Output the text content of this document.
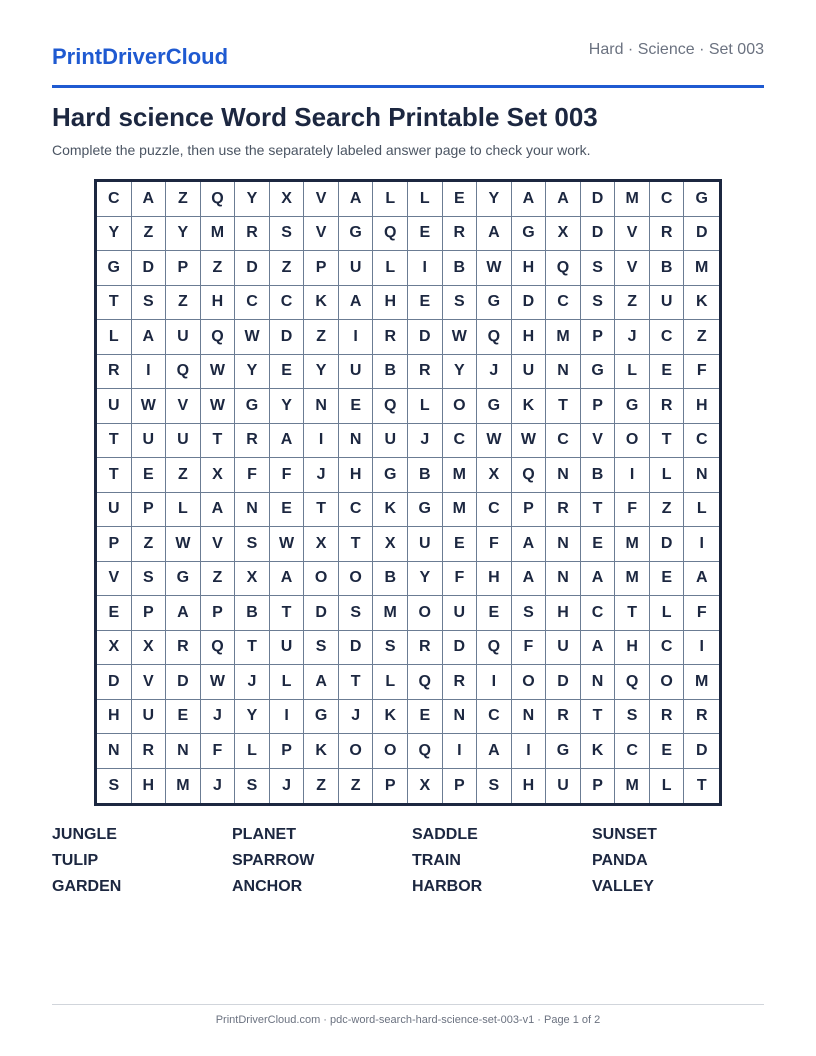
PrintDriverCloud	Hard · Science · Set 003
Hard science Word Search Printable Set 003

Complete the puzzle, then use the separately labeled answer page to check your work.

C	A	Z	Q	Y	X	V	A	L	L	E	Y	A	A	D	M	C	G
Y	Z	Y	M	R	S	V	G	Q	E	R	A	G	X	D	V	R	D
G	D	P	Z	D	Z	P	U	L	I	B	W	H	Q	S	V	B	M
T	S	Z	H	C	C	K	A	H	E	S	G	D	C	S	Z	U	K
L	A	U	Q	W	D	Z	I	R	D	W	Q	H	M	P	J	C	Z
R	I	Q	W	Y	E	Y	U	B	R	Y	J	U	N	G	L	E	F
U	W	V	W	G	Y	N	E	Q	L	O	G	K	T	P	G	R	H
T	U	U	T	R	A	I	N	U	J	C	W	W	C	V	O	T	C
T	E	Z	X	F	F	J	H	G	B	M	X	Q	N	B	I	L	N
U	P	L	A	N	E	T	C	K	G	M	C	P	R	T	F	Z	L
P	Z	W	V	S	W	X	T	X	U	E	F	A	N	E	M	D	I
V	S	G	Z	X	A	O	O	B	Y	F	H	A	N	A	M	E	A
E	P	A	P	B	T	D	S	M	O	U	E	S	H	C	T	L	F
X	X	R	Q	T	U	S	D	S	R	D	Q	F	U	A	H	C	I
D	V	D	W	J	L	A	T	L	Q	R	I	O	D	N	Q	O	M
H	U	E	J	Y	I	G	J	K	E	N	C	N	R	T	S	R	R
N	R	N	F	L	P	K	O	O	Q	I	A	I	G	K	C	E	D
S	H	M	J	S	J	Z	Z	P	X	P	S	H	U	P	M	L	T
JUNGLE	PLANET	SADDLE	SUNSET
TULIP	SPARROW	TRAIN	PANDA
GARDEN	ANCHOR	HARBOR	VALLEY
PrintDriverCloud.com · pdc-word-search-hard-science-set-003-v1 · Page 1 of 2
